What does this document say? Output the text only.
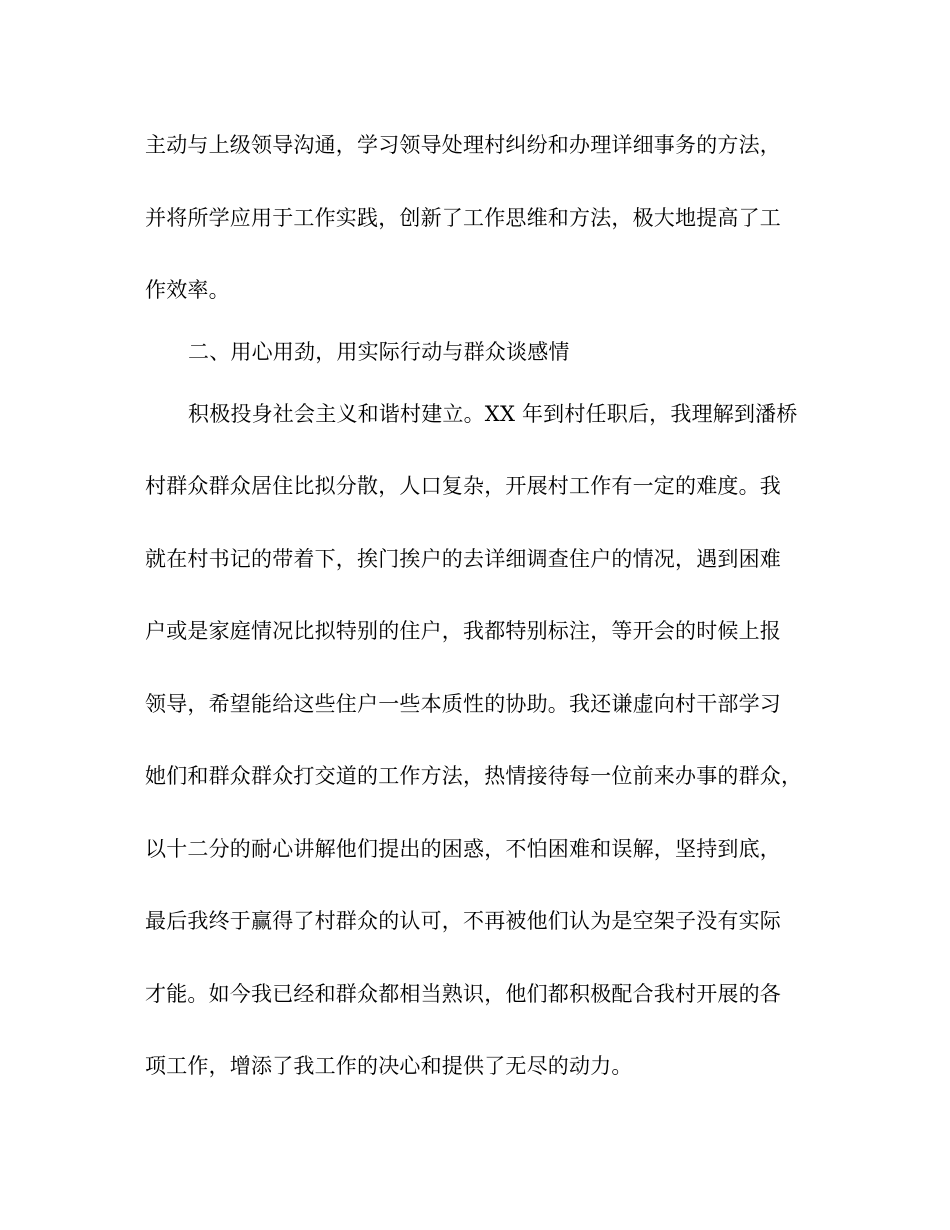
主动与上级领导沟通，学习领导处理村纠纷和办理详细事务的方法，
并将所学应用于工作实践，创新了工作思维和方法，极大地提高了工
作效率。
二、用心用劲，用实际行动与群众谈感情
积极投身社会主义和谐村建立。XX 年到村任职后，我理解到潘桥
村群众群众居住比拟分散，人口复杂，开展村工作有一定的难度。我
就在村书记的带着下，挨门挨户的去详细调查住户的情况，遇到困难
户或是家庭情况比拟特别的住户，我都特别标注，等开会的时候上报
领导，希望能给这些住户一些本质性的协助。我还谦虚向村干部学习
她们和群众群众打交道的工作方法，热情接待每一位前来办事的群众，
以十二分的耐心讲解他们提出的困惑，不怕困难和误解，坚持到底，
最后我终于赢得了村群众的认可，不再被他们认为是空架子没有实际
才能。如今我已经和群众都相当熟识，他们都积极配合我村开展的各
项工作，增添了我工作的决心和提供了无尽的动力。
